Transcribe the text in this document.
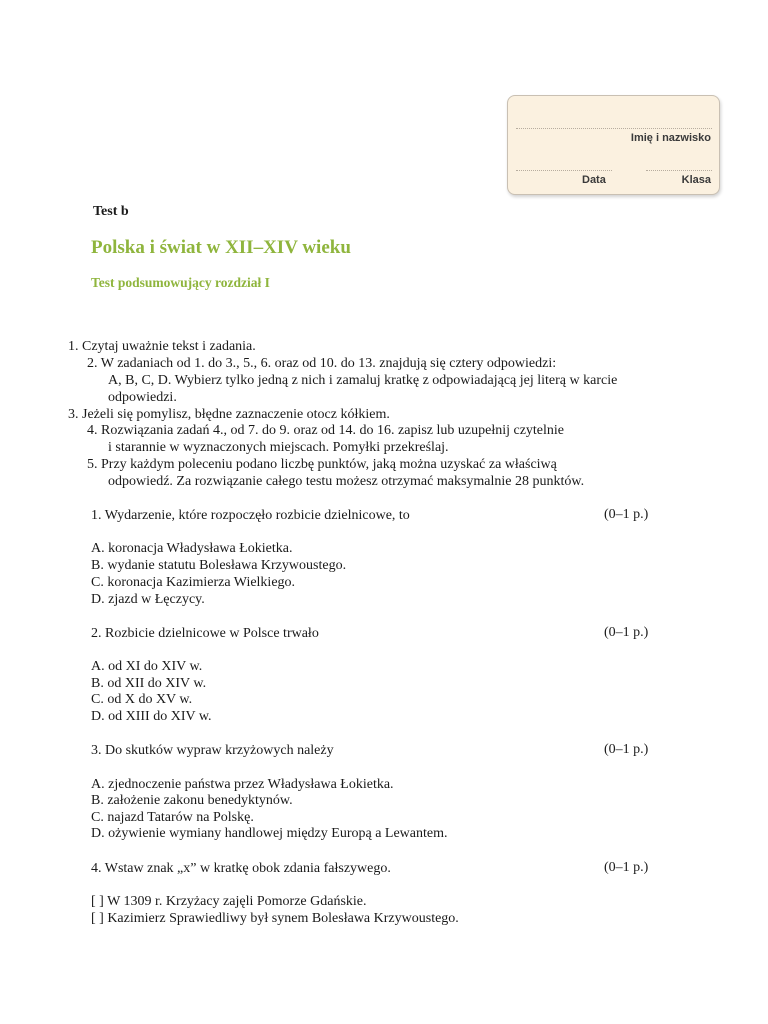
Imię i nazwisko
Data	Klasa
Test b
Polska i świat w XII–XIV wieku
Test podsumowujący rozdział I
1. Czytaj uważnie tekst i zadania.
2. W zadaniach od 1. do 3., 5., 6. oraz od 10. do 13. znajdują się cztery odpowiedzi:
A, B, C, D. Wybierz tylko jedną z nich i zamaluj kratkę z odpowiadającą jej literą w karcie
odpowiedzi.
3. Jeżeli się pomylisz, błędne zaznaczenie otocz kółkiem.
4. Rozwiązania zadań 4., od 7. do 9. oraz od 14. do 16. zapisz lub uzupełnij czytelnie
i starannie w wyznaczonych miejscach. Pomyłki przekreślaj.
5. Przy każdym poleceniu podano liczbę punktów, jaką można uzyskać za właściwą
odpowiedź. Za rozwiązanie całego testu możesz otrzymać maksymalnie 28 punktów.
1. Wydarzenie, które rozpoczęło rozbicie dzielnicowe, to	(0–1 p.)
A. koronacja Władysława Łokietka.
B. wydanie statutu Bolesława Krzywoustego.
C. koronacja Kazimierza Wielkiego.
D. zjazd w Łęczycy.
2. Rozbicie dzielnicowe w Polsce trwało	(0–1 p.)
A. od XI do XIV w.
B. od XII do XIV w.
C. od X do XV w.
D. od XIII do XIV w.
3. Do skutków wypraw krzyżowych należy	(0–1 p.)
A. zjednoczenie państwa przez Władysława Łokietka.
B. założenie zakonu benedyktynów.
C. najazd Tatarów na Polskę.
D. ożywienie wymiany handlowej między Europą a Lewantem.
4. Wstaw znak „x” w kratkę obok zdania fałszywego.	(0–1 p.)
[ ] W 1309 r. Krzyżacy zajęli Pomorze Gdańskie.
[ ] Kazimierz Sprawiedliwy był synem Bolesława Krzywoustego.
